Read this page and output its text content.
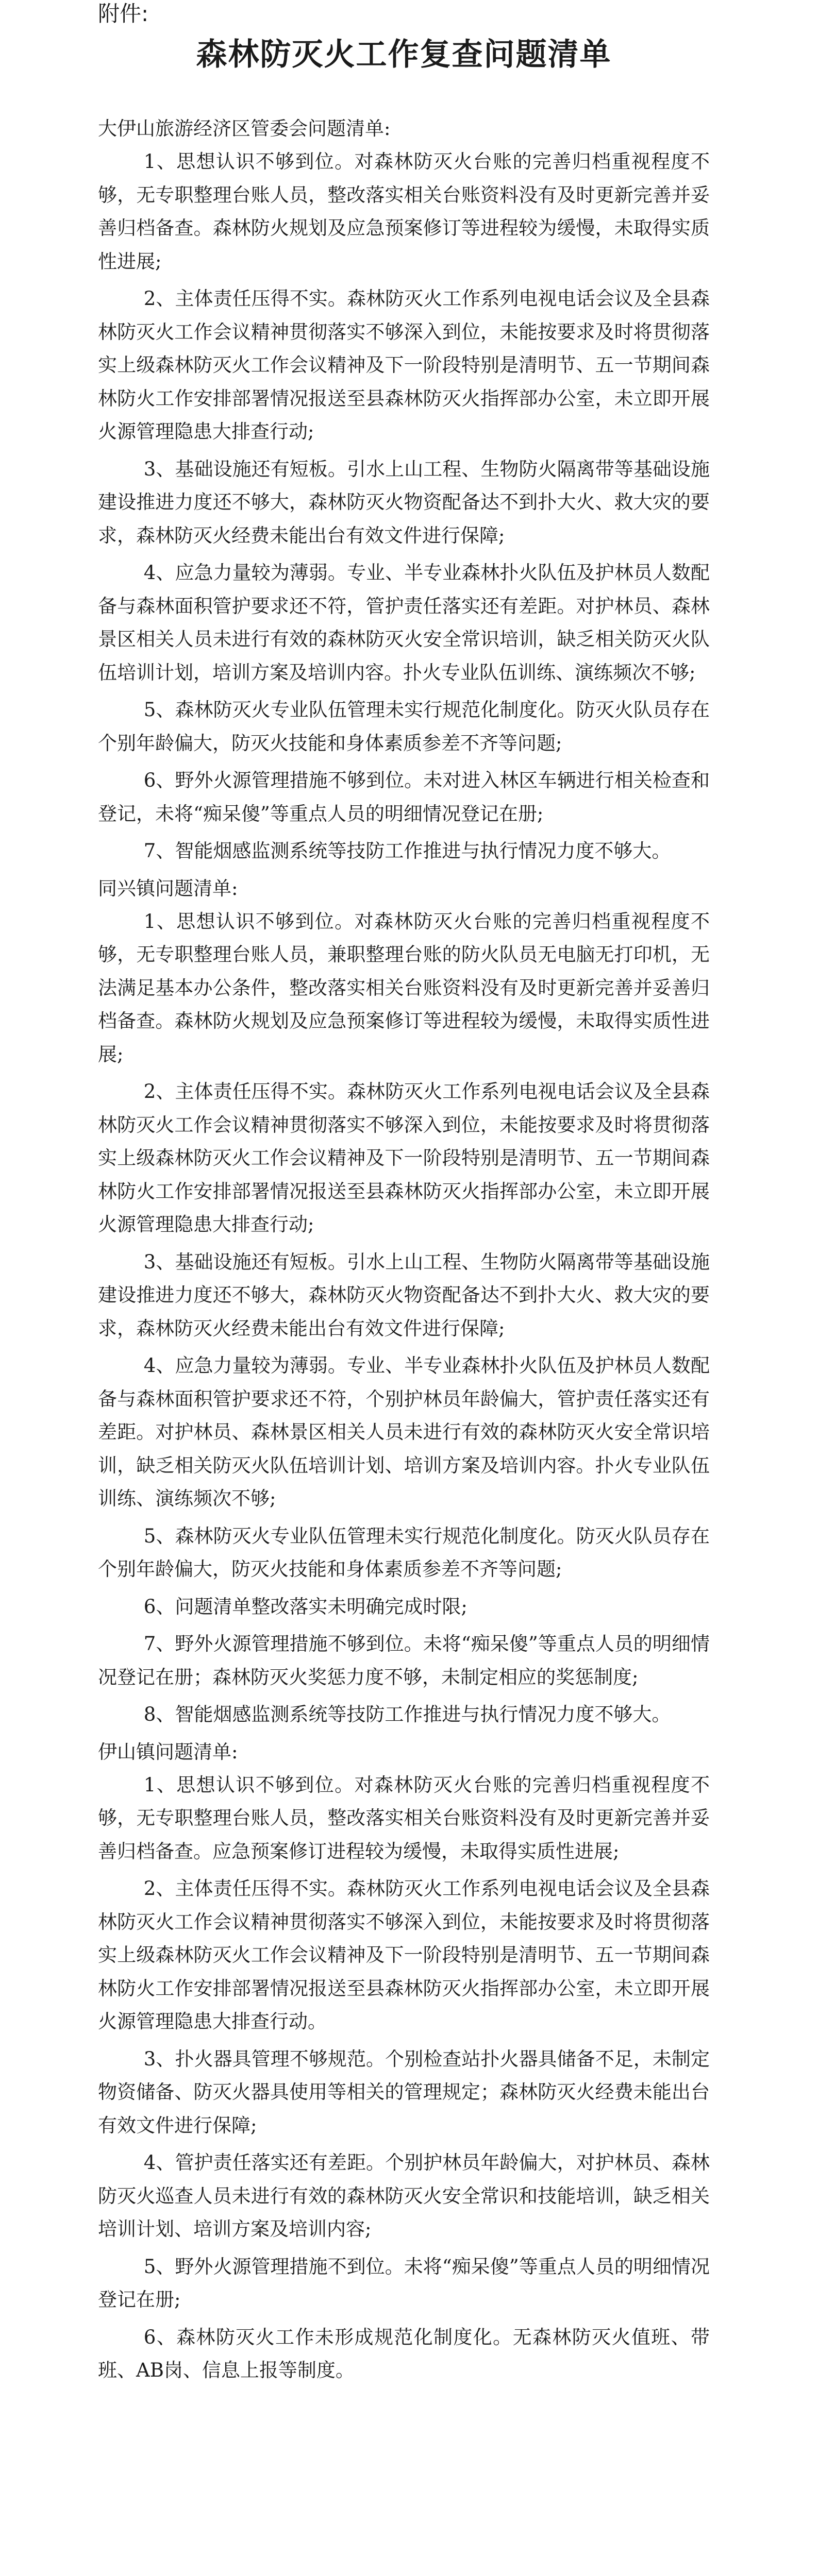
附件:

森林防灭火工作复查问题清单

大伊山旅游经济区管委会问题清单:

1、思想认识不够到位。对森林防灭火台账的完善归档重视程度不够，无专职整理台账人员，整改落实相关台账资料没有及时更新完善并妥善归档备查。森林防火规划及应急预案修订等进程较为缓慢，未取得实质性进展;

2、主体责任压得不实。森林防灭火工作系列电视电话会议及全县森林防灭火工作会议精神贯彻落实不够深入到位，未能按要求及时将贯彻落实上级森林防灭火工作会议精神及下一阶段特别是清明节、五一节期间森林防火工作安排部署情况报送至县森林防灭火指挥部办公室，未立即开展火源管理隐患大排查行动;

3、基础设施还有短板。引水上山工程、生物防火隔离带等基础设施建设推进力度还不够大，森林防灭火物资配备达不到扑大火、救大灾的要求，森林防灭火经费未能出台有效文件进行保障;

4、应急力量较为薄弱。专业、半专业森林扑火队伍及护林员人数配备与森林面积管护要求还不符，管护责任落实还有差距。对护林员、森林景区相关人员未进行有效的森林防灭火安全常识培训，缺乏相关防灭火队伍培训计划，培训方案及培训内容。扑火专业队伍训练、演练频次不够;

5、森林防灭火专业队伍管理未实行规范化制度化。防灭火队员存在个别年龄偏大，防灭火技能和身体素质参差不齐等问题;

6、野外火源管理措施不够到位。未对进入林区车辆进行相关检查和登记，未将“痴呆傻”等重点人员的明细情况登记在册;

7、智能烟感监测系统等技防工作推进与执行情况力度不够大。

同兴镇问题清单:

1、思想认识不够到位。对森林防灭火台账的完善归档重视程度不够，无专职整理台账人员，兼职整理台账的防火队员无电脑无打印机，无法满足基本办公条件，整改落实相关台账资料没有及时更新完善并妥善归档备查。森林防火规划及应急预案修订等进程较为缓慢，未取得实质性进展;

2、主体责任压得不实。森林防灭火工作系列电视电话会议及全县森林防灭火工作会议精神贯彻落实不够深入到位，未能按要求及时将贯彻落实上级森林防灭火工作会议精神及下一阶段特别是清明节、五一节期间森林防火工作安排部署情况报送至县森林防灭火指挥部办公室，未立即开展火源管理隐患大排查行动;

3、基础设施还有短板。引水上山工程、生物防火隔离带等基础设施建设推进力度还不够大，森林防灭火物资配备达不到扑大火、救大灾的要求，森林防灭火经费未能出台有效文件进行保障;

4、应急力量较为薄弱。专业、半专业森林扑火队伍及护林员人数配备与森林面积管护要求还不符，个别护林员年龄偏大，管护责任落实还有差距。对护林员、森林景区相关人员未进行有效的森林防灭火安全常识培训，缺乏相关防灭火队伍培训计划、培训方案及培训内容。扑火专业队伍训练、演练频次不够;

5、森林防灭火专业队伍管理未实行规范化制度化。防灭火队员存在个别年龄偏大，防灭火技能和身体素质参差不齐等问题;

6、问题清单整改落实未明确完成时限;

7、野外火源管理措施不够到位。未将“痴呆傻”等重点人员的明细情况登记在册；森林防灭火奖惩力度不够，未制定相应的奖惩制度;

8、智能烟感监测系统等技防工作推进与执行情况力度不够大。

伊山镇问题清单:

1、思想认识不够到位。对森林防灭火台账的完善归档重视程度不够，无专职整理台账人员，整改落实相关台账资料没有及时更新完善并妥善归档备查。应急预案修订进程较为缓慢，未取得实质性进展;

2、主体责任压得不实。森林防灭火工作系列电视电话会议及全县森林防灭火工作会议精神贯彻落实不够深入到位，未能按要求及时将贯彻落实上级森林防灭火工作会议精神及下一阶段特别是清明节、五一节期间森林防火工作安排部署情况报送至县森林防灭火指挥部办公室，未立即开展火源管理隐患大排查行动。

3、扑火器具管理不够规范。个别检查站扑火器具储备不足，未制定物资储备、防灭火器具使用等相关的管理规定；森林防灭火经费未能出台有效文件进行保障;

4、管护责任落实还有差距。个别护林员年龄偏大，对护林员、森林防灭火巡查人员未进行有效的森林防灭火安全常识和技能培训，缺乏相关培训计划、培训方案及培训内容;

5、野外火源管理措施不到位。未将“痴呆傻”等重点人员的明细情况登记在册;

6、森林防灭火工作未形成规范化制度化。无森林防灭火值班、带班、AB岗、信息上报等制度。
